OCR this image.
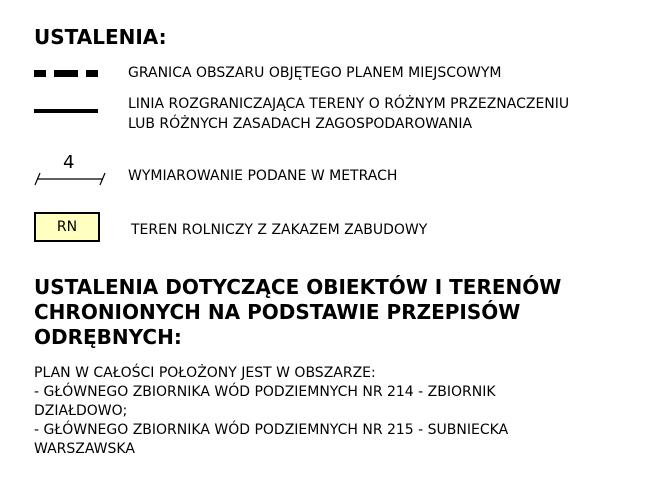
USTALENIA:
GRANICA OBSZARU OBJĘTEGO PLANEM MIEJSCOWYM
LINIA ROZGRANICZAJĄCA TERENY O RÓŻNYM PRZEZNACZENIU
LUB RÓŻNYCH ZASADACH ZAGOSPODAROWANIA
4
WYMIAROWANIE PODANE W METRACH
RN	TEREN ROLNICZY Z ZAKAZEM ZABUDOWY
USTALENIA DOTYCZĄCE OBIEKTÓW I TERENÓW
CHRONIONYCH NA PODSTAWIE PRZEPISÓW
ODRĘBNYCH:
PLAN W CAŁOŚCI POŁOŻONY JEST W OBSZARZE:
- GŁÓWNEGO ZBIORNIKA WÓD PODZIEMNYCH NR 214 - ZBIORNIK
DZIAŁDOWO;
- GŁÓWNEGO ZBIORNIKA WÓD PODZIEMNYCH NR 215 - SUBNIECKA
WARSZAWSKA
